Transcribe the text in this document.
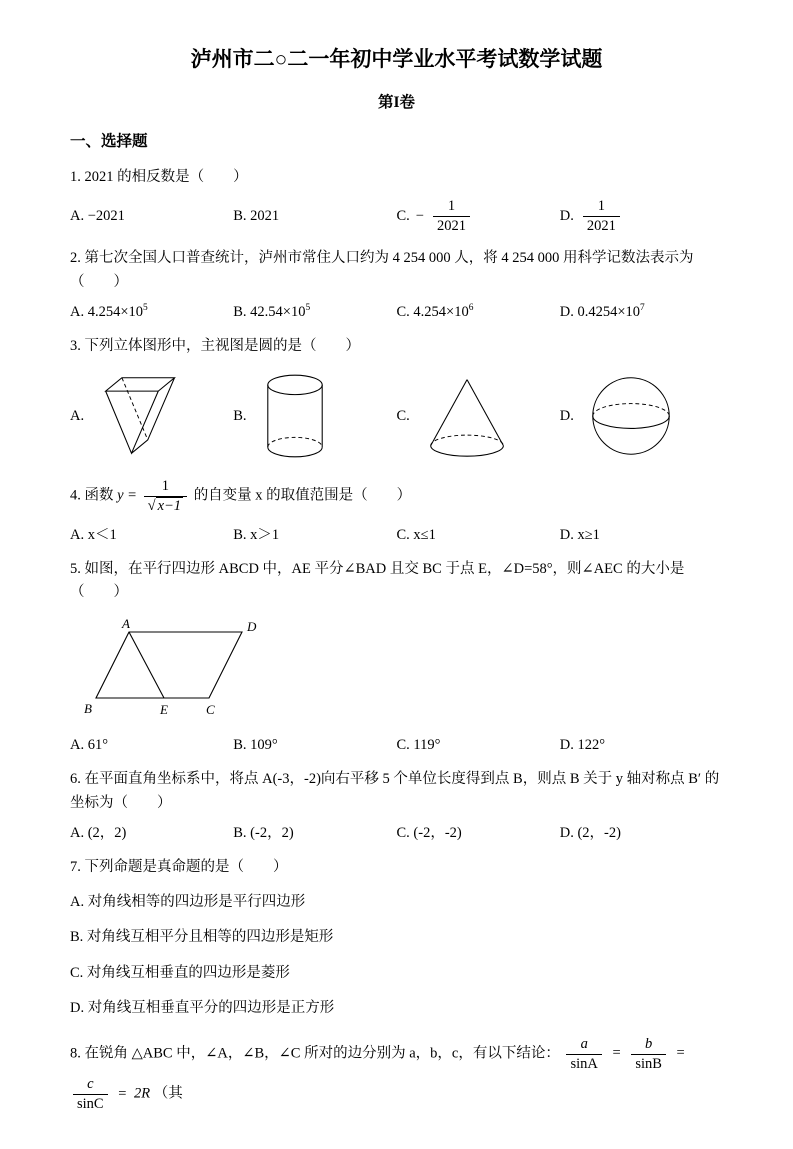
泸州市二○二一年初中学业水平考试数学试题
第I卷
一、选择题
1. 2021 的相反数是（　　）
A. −2021	B. 2021	C. − $\frac{1}{2021}$	D. $\frac{1}{2021}$
2. 第七次全国人口普查统计，泸州市常住人口约为 4 254 000 人，将 4 254 000 用科学记数法表示为（　　）
A. $4.254\times 10^5$	B. $42.54\times 10^5$	C. $4.254\times 10^6$	D. $0.4254\times 10^7$
3. 下列立体图形中，主视图是圆的是（　　）
A.	B.	C.	D.
4. 函数 $y = \frac{1}{√ x-1}$ 的自变量 x 的取值范围是（　　）
A. x＜1	B. x＞1	C. x≤1	D. x≥1
5. 如图，在平行四边形 ABCD 中，AE 平分∠BAD 且交 BC 于点 E，∠D=58°，则∠AEC 的大小是（　　）
A	D
B	E	C
A. 61°	B. 109°	C. 119°	D. 122°
6. 在平面直角坐标系中，将点 A(-3，-2)向右平移 5 个单位长度得到点 B，则点 B 关于 y 轴对称点 B′ 的坐标为（　　）
A. (2，2)	B. (-2，2)	C. (-2，-2)	D. (2，-2)
7. 下列命题是真命题的是（　　）
A. 对角线相等的四边形是平行四边形
B. 对角线互相平分且相等的四边形是矩形
C. 对角线互相垂直的四边形是菱形
D. 对角线互相垂直平分的四边形是正方形
8. 在锐角 △ABC 中，∠A，∠B，∠C 所对的边分别为 a，b，c，有以下结论： $\frac{a}{\sin A} = \frac{b}{\sin B}$ =
$\frac{c}{\sin C} = 2R$ （其
